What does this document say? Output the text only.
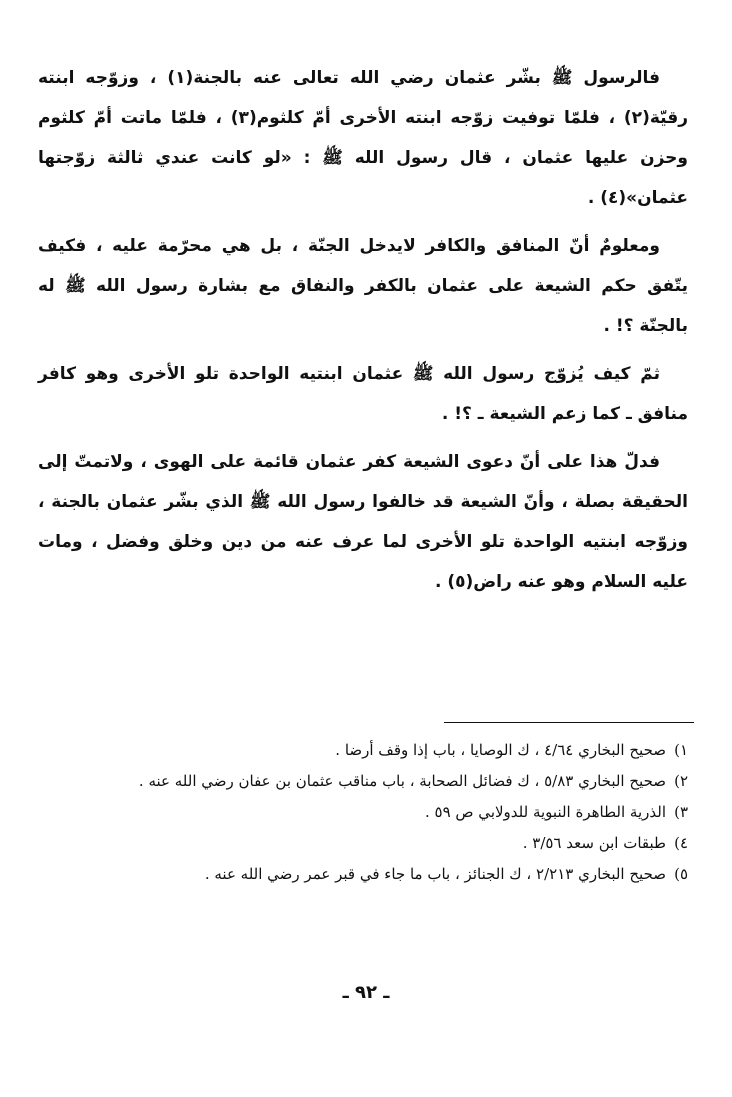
فالرسول ﷺ بشّر عثمان رضي الله تعالى عنه بالجنة(١) ، وزوّجه ابنته رقيّة(٢) ، فلمّا توفيت زوّجه ابنته الأخرى أمّ كلثوم(٣) ، فلمّا ماتت أمّ كلثوم وحزن عليها عثمان ، قال رسول الله ﷺ : «لو كانت عندي ثالثة زوّجتها عثمان»(٤) .

ومعلومٌ أنّ المنافق والكافر لايدخل الجنّة ، بل هي محرّمة عليه ، فكيف يتّفق حكم الشيعة على عثمان بالكفر والنفاق مع بشارة رسول الله ﷺ له بالجنّة ؟! .

ثمّ كيف يُزوّج رسول الله ﷺ عثمان ابنتيه الواحدة تلو الأخرى وهو كافر منافق ـ كما زعم الشيعة ـ ؟! .

فدلّ هذا على أنّ دعوى الشيعة كفر عثمان قائمة على الهوى ، ولاتمتّ إلى الحقيقة بصلة ، وأنّ الشيعة قد خالفوا رسول الله ﷺ الذي بشّر عثمان بالجنة ، وزوّجه ابنتيه الواحدة تلو الأخرى لما عرف عنه من دين وخلق وفضل ، ومات عليه السلام وهو عنه راض(٥) .

١)
صحيح البخاري ٤/٦٤ ، ك الوصايا ، باب إذا وقف أرضا .
٢)
صحيح البخاري ٥/٨٣ ، ك فضائل الصحابة ، باب مناقب عثمان بن عفان رضي الله عنه .
٣)
الذرية الطاهرة النبوية للدولابي ص ٥٩ .
٤)
طبقات ابن سعد ٣/٥٦ .
٥)
صحيح البخاري ٢/٢١٣ ، ك الجنائز ، باب ما جاء في قبر عمر رضي الله عنه .
ـ ٩٢ ـ
